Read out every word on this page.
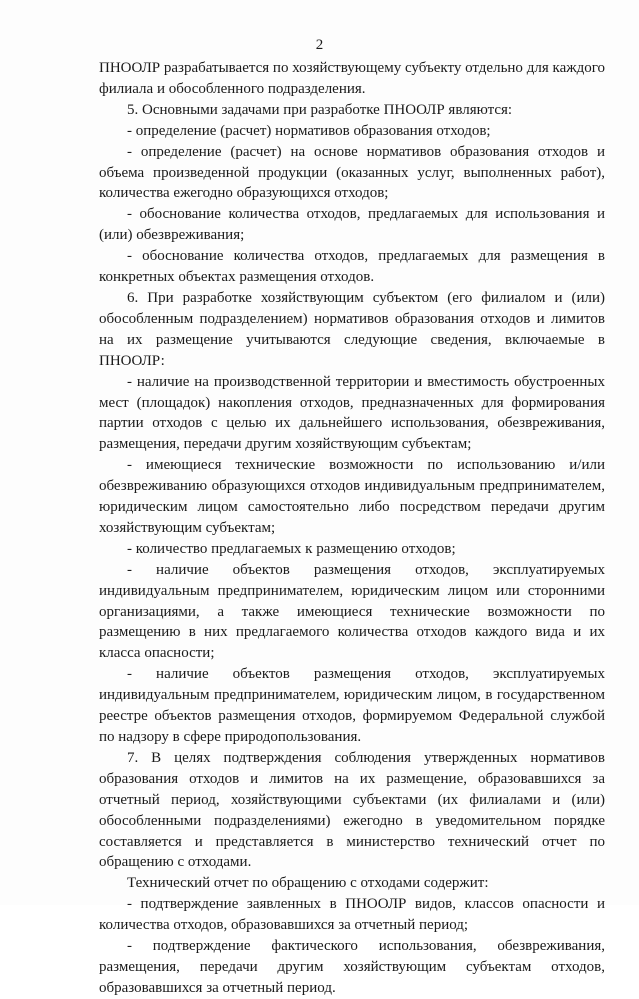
2

ПНООЛР разрабатывается по хозяйствующему субъекту отдельно для каждого филиала и обособленного подразделения.

5. Основными задачами при разработке ПНООЛР являются:

- определение (расчет) нормативов образования отходов;

- определение (расчет) на основе нормативов образования отходов и объема произведенной продукции (оказанных услуг, выполненных работ), количества ежегодно образующихся отходов;

- обоснование количества отходов, предлагаемых для использования и (или) обезвреживания;

- обоснование количества отходов, предлагаемых для размещения в конкретных объектах размещения отходов.

6. При разработке хозяйствующим субъектом (его филиалом и (или) обособленным подразделением) нормативов образования отходов и лимитов на их размещение учитываются следующие сведения, включаемые в ПНООЛР:

- наличие на производственной территории и вместимость обустроенных мест (площадок) накопления отходов, предназначенных для формирования партии отходов с целью их дальнейшего использования, обезвреживания, размещения, передачи другим хозяйствующим субъектам;

- имеющиеся технические возможности по использованию и/или обезвреживанию образующихся отходов индивидуальным предпринимателем, юридическим лицом самостоятельно либо посредством передачи другим хозяйствующим субъектам;

- количество предлагаемых к размещению отходов;

- наличие объектов размещения отходов, эксплуатируемых индивидуальным предпринимателем, юридическим лицом или сторонними организациями, а также имеющиеся технические возможности по размещению в них предлагаемого количества отходов каждого вида и их класса опасности;

- наличие объектов размещения отходов, эксплуатируемых индивидуальным предпринимателем, юридическим лицом, в государственном реестре объектов размещения отходов, формируемом Федеральной службой по надзору в сфере природопользования.

7. В целях подтверждения соблюдения утвержденных нормативов образования отходов и лимитов на их размещение, образовавшихся за отчетный период, хозяйствующими субъектами (их филиалами и (или) обособленными подразделениями) ежегодно в уведомительном порядке составляется и представляется в министерство технический отчет по обращению с отходами.

Технический отчет по обращению с отходами содержит:

- подтверждение заявленных в ПНООЛР видов, классов опасности и количества отходов, образовавшихся за отчетный период;

- подтверждение фактического использования, обезвреживания, размещения, передачи другим хозяйствующим субъектам отходов, образовавшихся за отчетный период.
